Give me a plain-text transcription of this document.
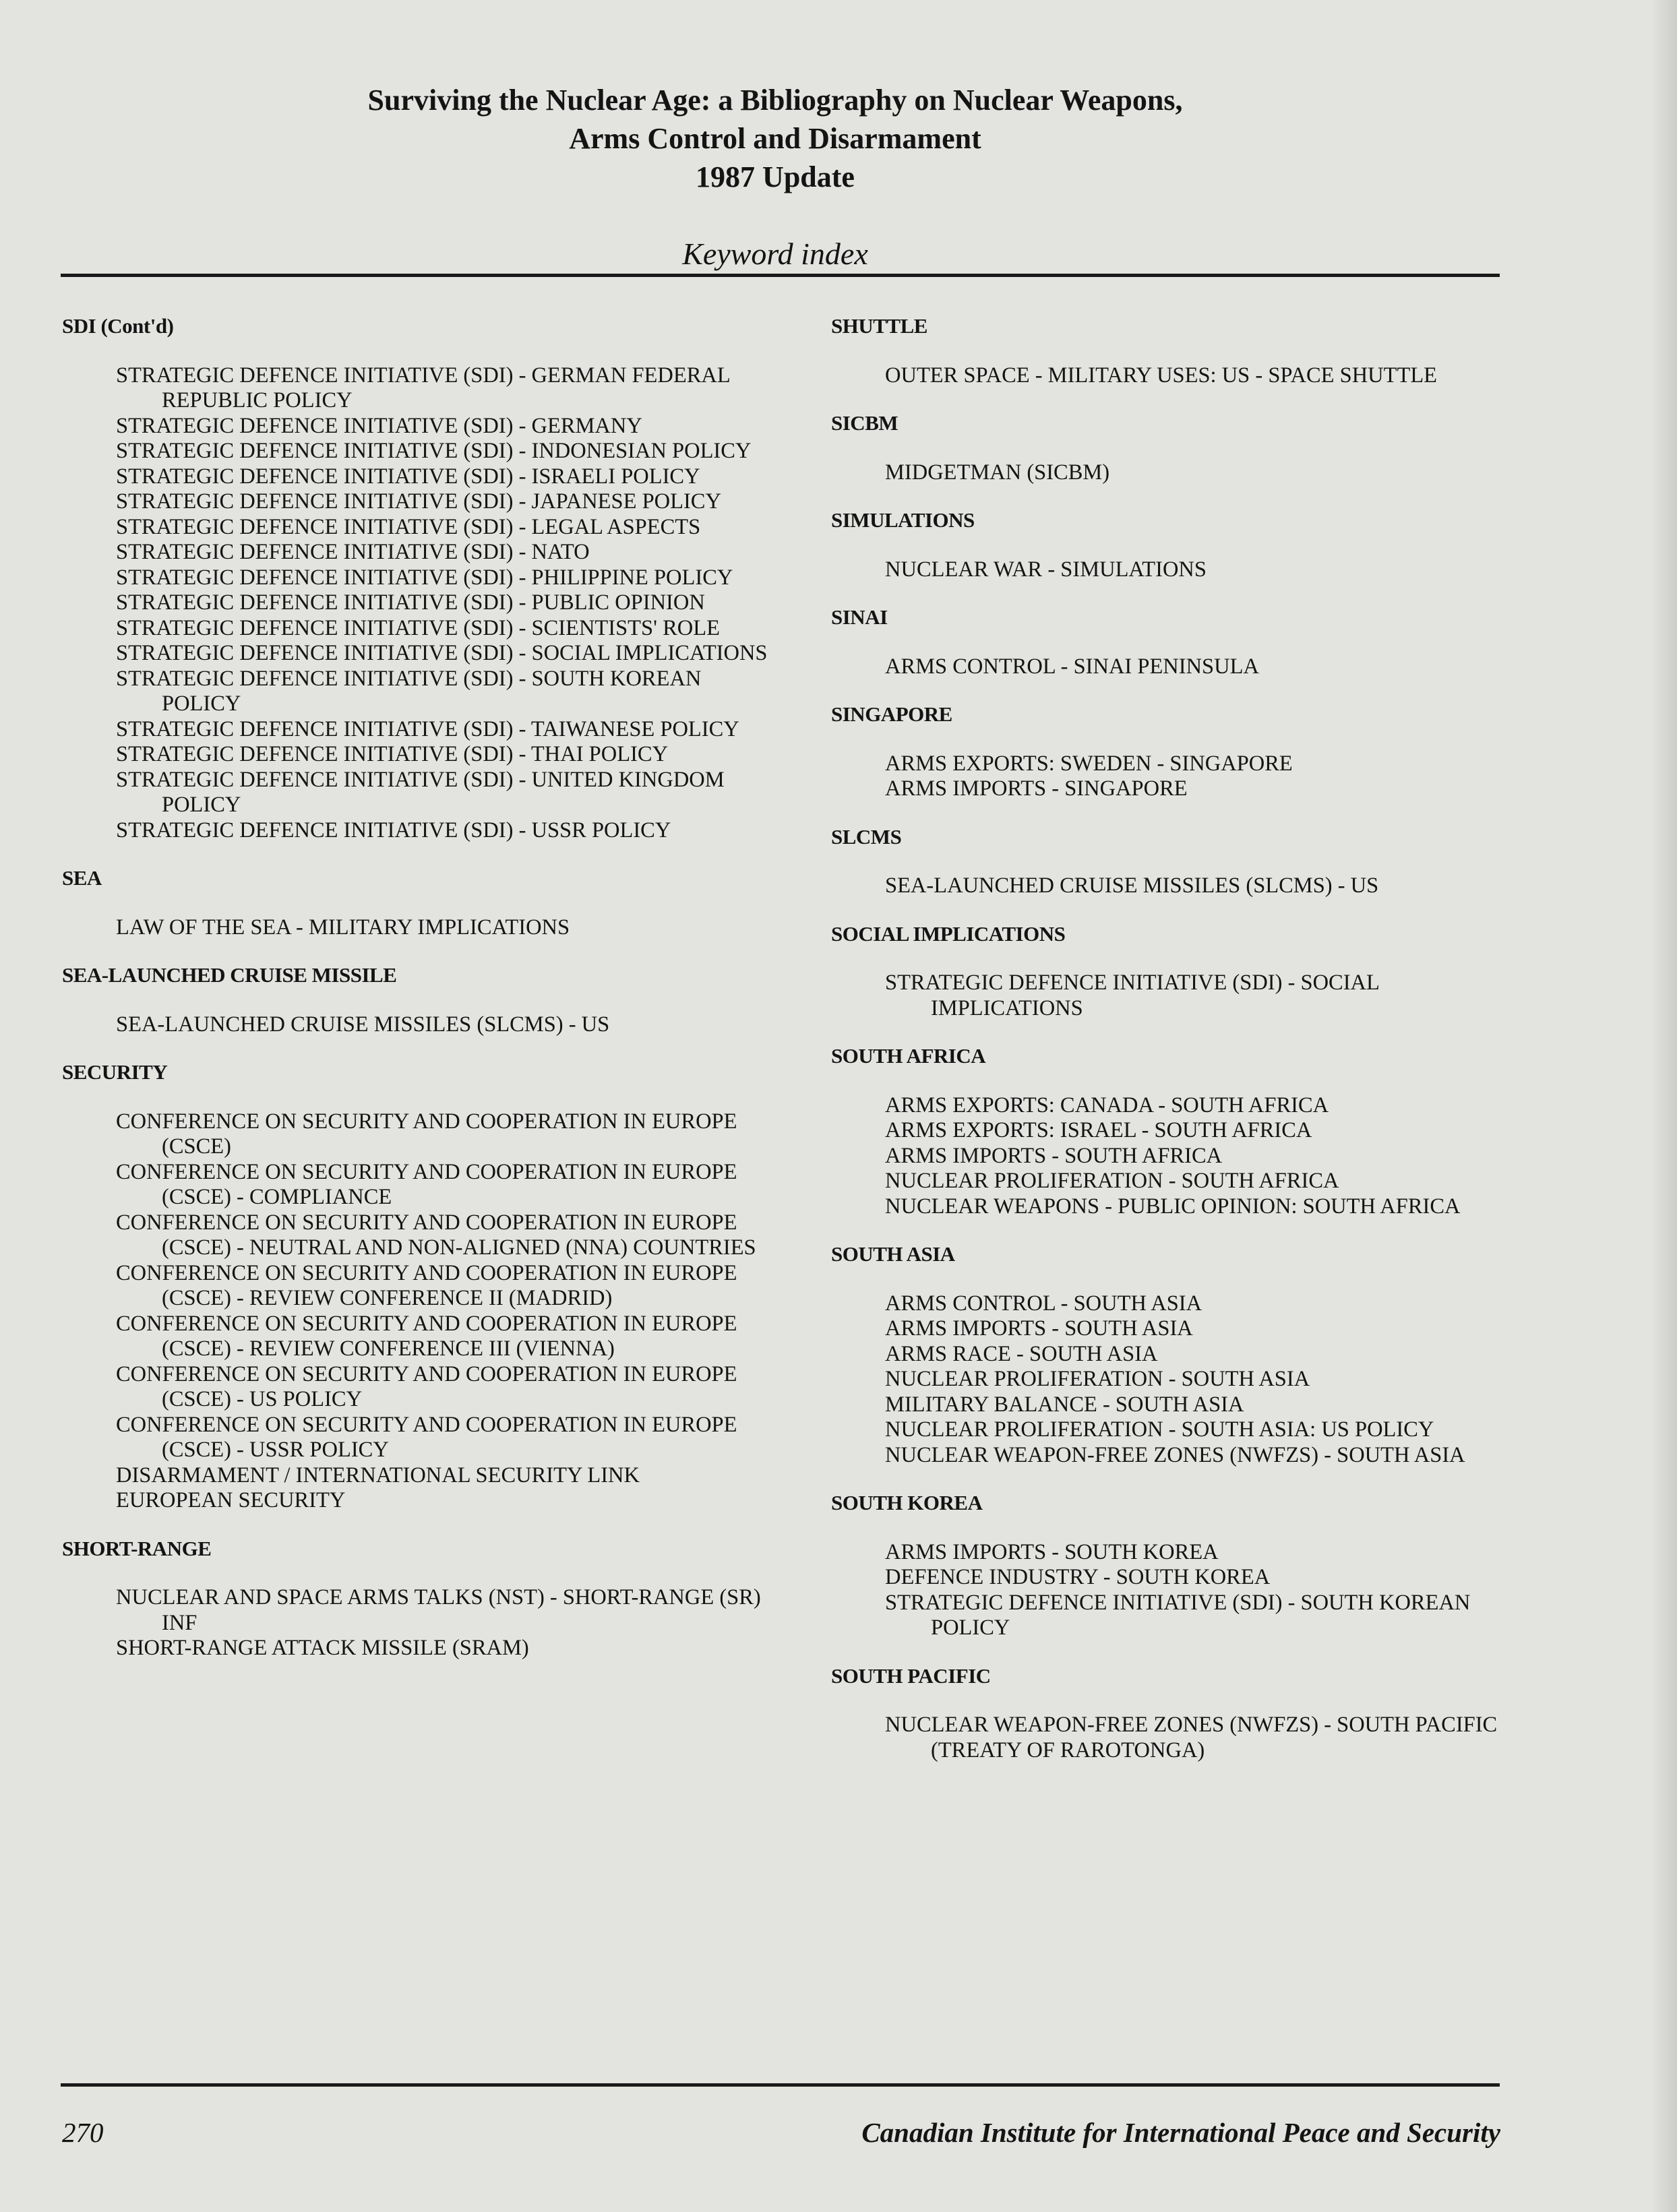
Surviving the Nuclear Age: a Bibliography on Nuclear Weapons,
Arms Control and Disarmament
1987 Update
Keyword index
SDI (Cont'd)
STRATEGIC DEFENCE INITIATIVE (SDI) - GERMAN FEDERAL REPUBLIC POLICY
STRATEGIC DEFENCE INITIATIVE (SDI) - GERMANY
STRATEGIC DEFENCE INITIATIVE (SDI) - INDONESIAN POLICY
STRATEGIC DEFENCE INITIATIVE (SDI) - ISRAELI POLICY
STRATEGIC DEFENCE INITIATIVE (SDI) - JAPANESE POLICY
STRATEGIC DEFENCE INITIATIVE (SDI) - LEGAL ASPECTS
STRATEGIC DEFENCE INITIATIVE (SDI) - NATO
STRATEGIC DEFENCE INITIATIVE (SDI) - PHILIPPINE POLICY
STRATEGIC DEFENCE INITIATIVE (SDI) - PUBLIC OPINION
STRATEGIC DEFENCE INITIATIVE (SDI) - SCIENTISTS' ROLE
STRATEGIC DEFENCE INITIATIVE (SDI) - SOCIAL IMPLICATIONS
STRATEGIC DEFENCE INITIATIVE (SDI) - SOUTH KOREAN POLICY
STRATEGIC DEFENCE INITIATIVE (SDI) - TAIWANESE POLICY
STRATEGIC DEFENCE INITIATIVE (SDI) - THAI POLICY
STRATEGIC DEFENCE INITIATIVE (SDI) - UNITED KINGDOM POLICY
STRATEGIC DEFENCE INITIATIVE (SDI) - USSR POLICY
SEA
LAW OF THE SEA - MILITARY IMPLICATIONS
SEA-LAUNCHED CRUISE MISSILE
SEA-LAUNCHED CRUISE MISSILES (SLCMS) - US
SECURITY
CONFERENCE ON SECURITY AND COOPERATION IN EUROPE (CSCE)
CONFERENCE ON SECURITY AND COOPERATION IN EUROPE (CSCE) - COMPLIANCE
CONFERENCE ON SECURITY AND COOPERATION IN EUROPE (CSCE) - NEUTRAL AND NON-ALIGNED (NNA) COUNTRIES
CONFERENCE ON SECURITY AND COOPERATION IN EUROPE (CSCE) - REVIEW CONFERENCE II (MADRID)
CONFERENCE ON SECURITY AND COOPERATION IN EUROPE (CSCE) - REVIEW CONFERENCE III (VIENNA)
CONFERENCE ON SECURITY AND COOPERATION IN EUROPE (CSCE) - US POLICY
CONFERENCE ON SECURITY AND COOPERATION IN EUROPE (CSCE) - USSR POLICY
DISARMAMENT / INTERNATIONAL SECURITY LINK
EUROPEAN SECURITY
SHORT-RANGE
NUCLEAR AND SPACE ARMS TALKS (NST) - SHORT-RANGE (SR) INF
SHORT-RANGE ATTACK MISSILE (SRAM)
SHUTTLE
OUTER SPACE - MILITARY USES: US - SPACE SHUTTLE
SICBM
MIDGETMAN (SICBM)
SIMULATIONS
NUCLEAR WAR - SIMULATIONS
SINAI
ARMS CONTROL - SINAI PENINSULA
SINGAPORE
ARMS EXPORTS: SWEDEN - SINGAPORE
ARMS IMPORTS - SINGAPORE
SLCMS
SEA-LAUNCHED CRUISE MISSILES (SLCMS) - US
SOCIAL IMPLICATIONS
STRATEGIC DEFENCE INITIATIVE (SDI) - SOCIAL IMPLICATIONS
SOUTH AFRICA
ARMS EXPORTS: CANADA - SOUTH AFRICA
ARMS EXPORTS: ISRAEL - SOUTH AFRICA
ARMS IMPORTS - SOUTH AFRICA
NUCLEAR PROLIFERATION - SOUTH AFRICA
NUCLEAR WEAPONS - PUBLIC OPINION: SOUTH AFRICA
SOUTH ASIA
ARMS CONTROL - SOUTH ASIA
ARMS IMPORTS - SOUTH ASIA
ARMS RACE - SOUTH ASIA
NUCLEAR PROLIFERATION - SOUTH ASIA
MILITARY BALANCE - SOUTH ASIA
NUCLEAR PROLIFERATION - SOUTH ASIA: US POLICY
NUCLEAR WEAPON-FREE ZONES (NWFZS) - SOUTH ASIA
SOUTH KOREA
ARMS IMPORTS - SOUTH KOREA
DEFENCE INDUSTRY - SOUTH KOREA
STRATEGIC DEFENCE INITIATIVE (SDI) - SOUTH KOREAN POLICY
SOUTH PACIFIC
NUCLEAR WEAPON-FREE ZONES (NWFZS) - SOUTH PACIFIC (TREATY OF RAROTONGA)
270	Canadian Institute for International Peace and Security
